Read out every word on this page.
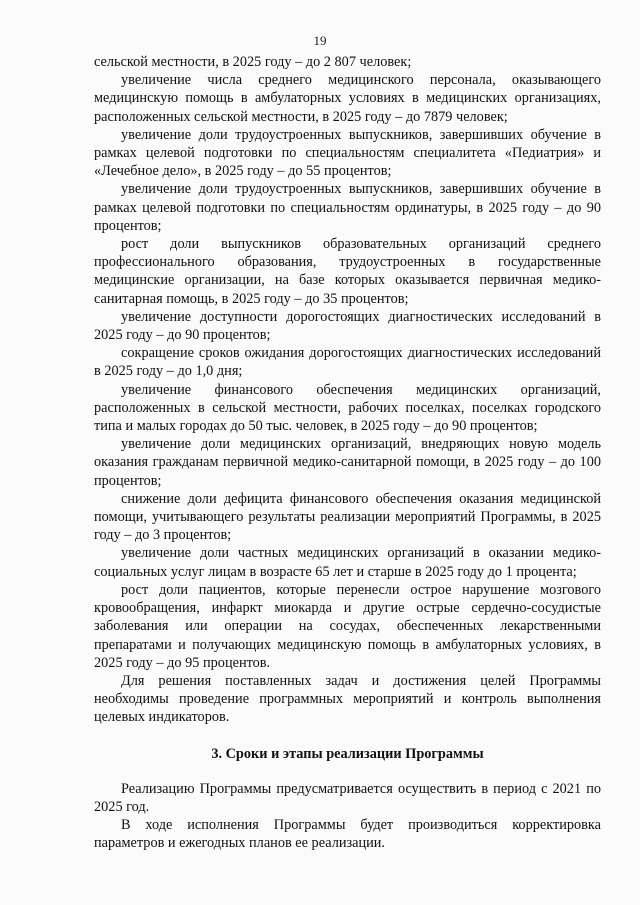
19

сельской местности, в 2025 году – до 2 807 человек;

увеличение числа среднего медицинского персонала, оказывающего медицинскую помощь в амбулаторных условиях в медицинских организациях, расположенных сельской местности, в 2025 году – до 7879 человек;

увеличение доли трудоустроенных выпускников, завершивших обучение в рамках целевой подготовки по специальностям специалитета «Педиатрия» и «Лечебное дело», в 2025 году – до 55 процентов;

увеличение доли трудоустроенных выпускников, завершивших обучение в рамках целевой подготовки по специальностям ординатуры, в 2025 году – до 90 процентов;

рост доли выпускников образовательных организаций среднего профессионального образования, трудоустроенных в государственные медицинские организации, на базе которых оказывается первичная медико-санитарная помощь, в 2025 году – до 35 процентов;

увеличение доступности дорогостоящих диагностических исследований в 2025 году – до 90 процентов;

сокращение сроков ожидания дорогостоящих диагностических исследований в 2025 году – до 1,0 дня;

увеличение финансового обеспечения медицинских организаций, расположенных в сельской местности, рабочих поселках, поселках городского типа и малых городах до 50 тыс. человек, в 2025 году – до 90 процентов;

увеличение доли медицинских организаций, внедряющих новую модель оказания гражданам первичной медико-санитарной помощи, в 2025 году – до 100 процентов;

снижение доли дефицита финансового обеспечения оказания медицинской помощи, учитывающего результаты реализации мероприятий Программы, в 2025 году – до 3 процентов;

увеличение доли частных медицинских организаций в оказании медико-социальных услуг лицам в возрасте 65 лет и старше в 2025 году до 1 процента;

рост доли пациентов, которые перенесли острое нарушение мозгового кровообращения, инфаркт миокарда и другие острые сердечно-сосудистые заболевания или операции на сосудах, обеспеченных лекарственными препаратами и получающих медицинскую помощь в амбулаторных условиях, в 2025 году – до 95 процентов.

Для решения поставленных задач и достижения целей Программы необходимы проведение программных мероприятий и контроль выполнения целевых индикаторов.

3. Сроки и этапы реализации Программы

Реализацию Программы предусматривается осуществить в период с 2021 по 2025 год.

В ходе исполнения Программы будет производиться корректировка параметров и ежегодных планов ее реализации.
